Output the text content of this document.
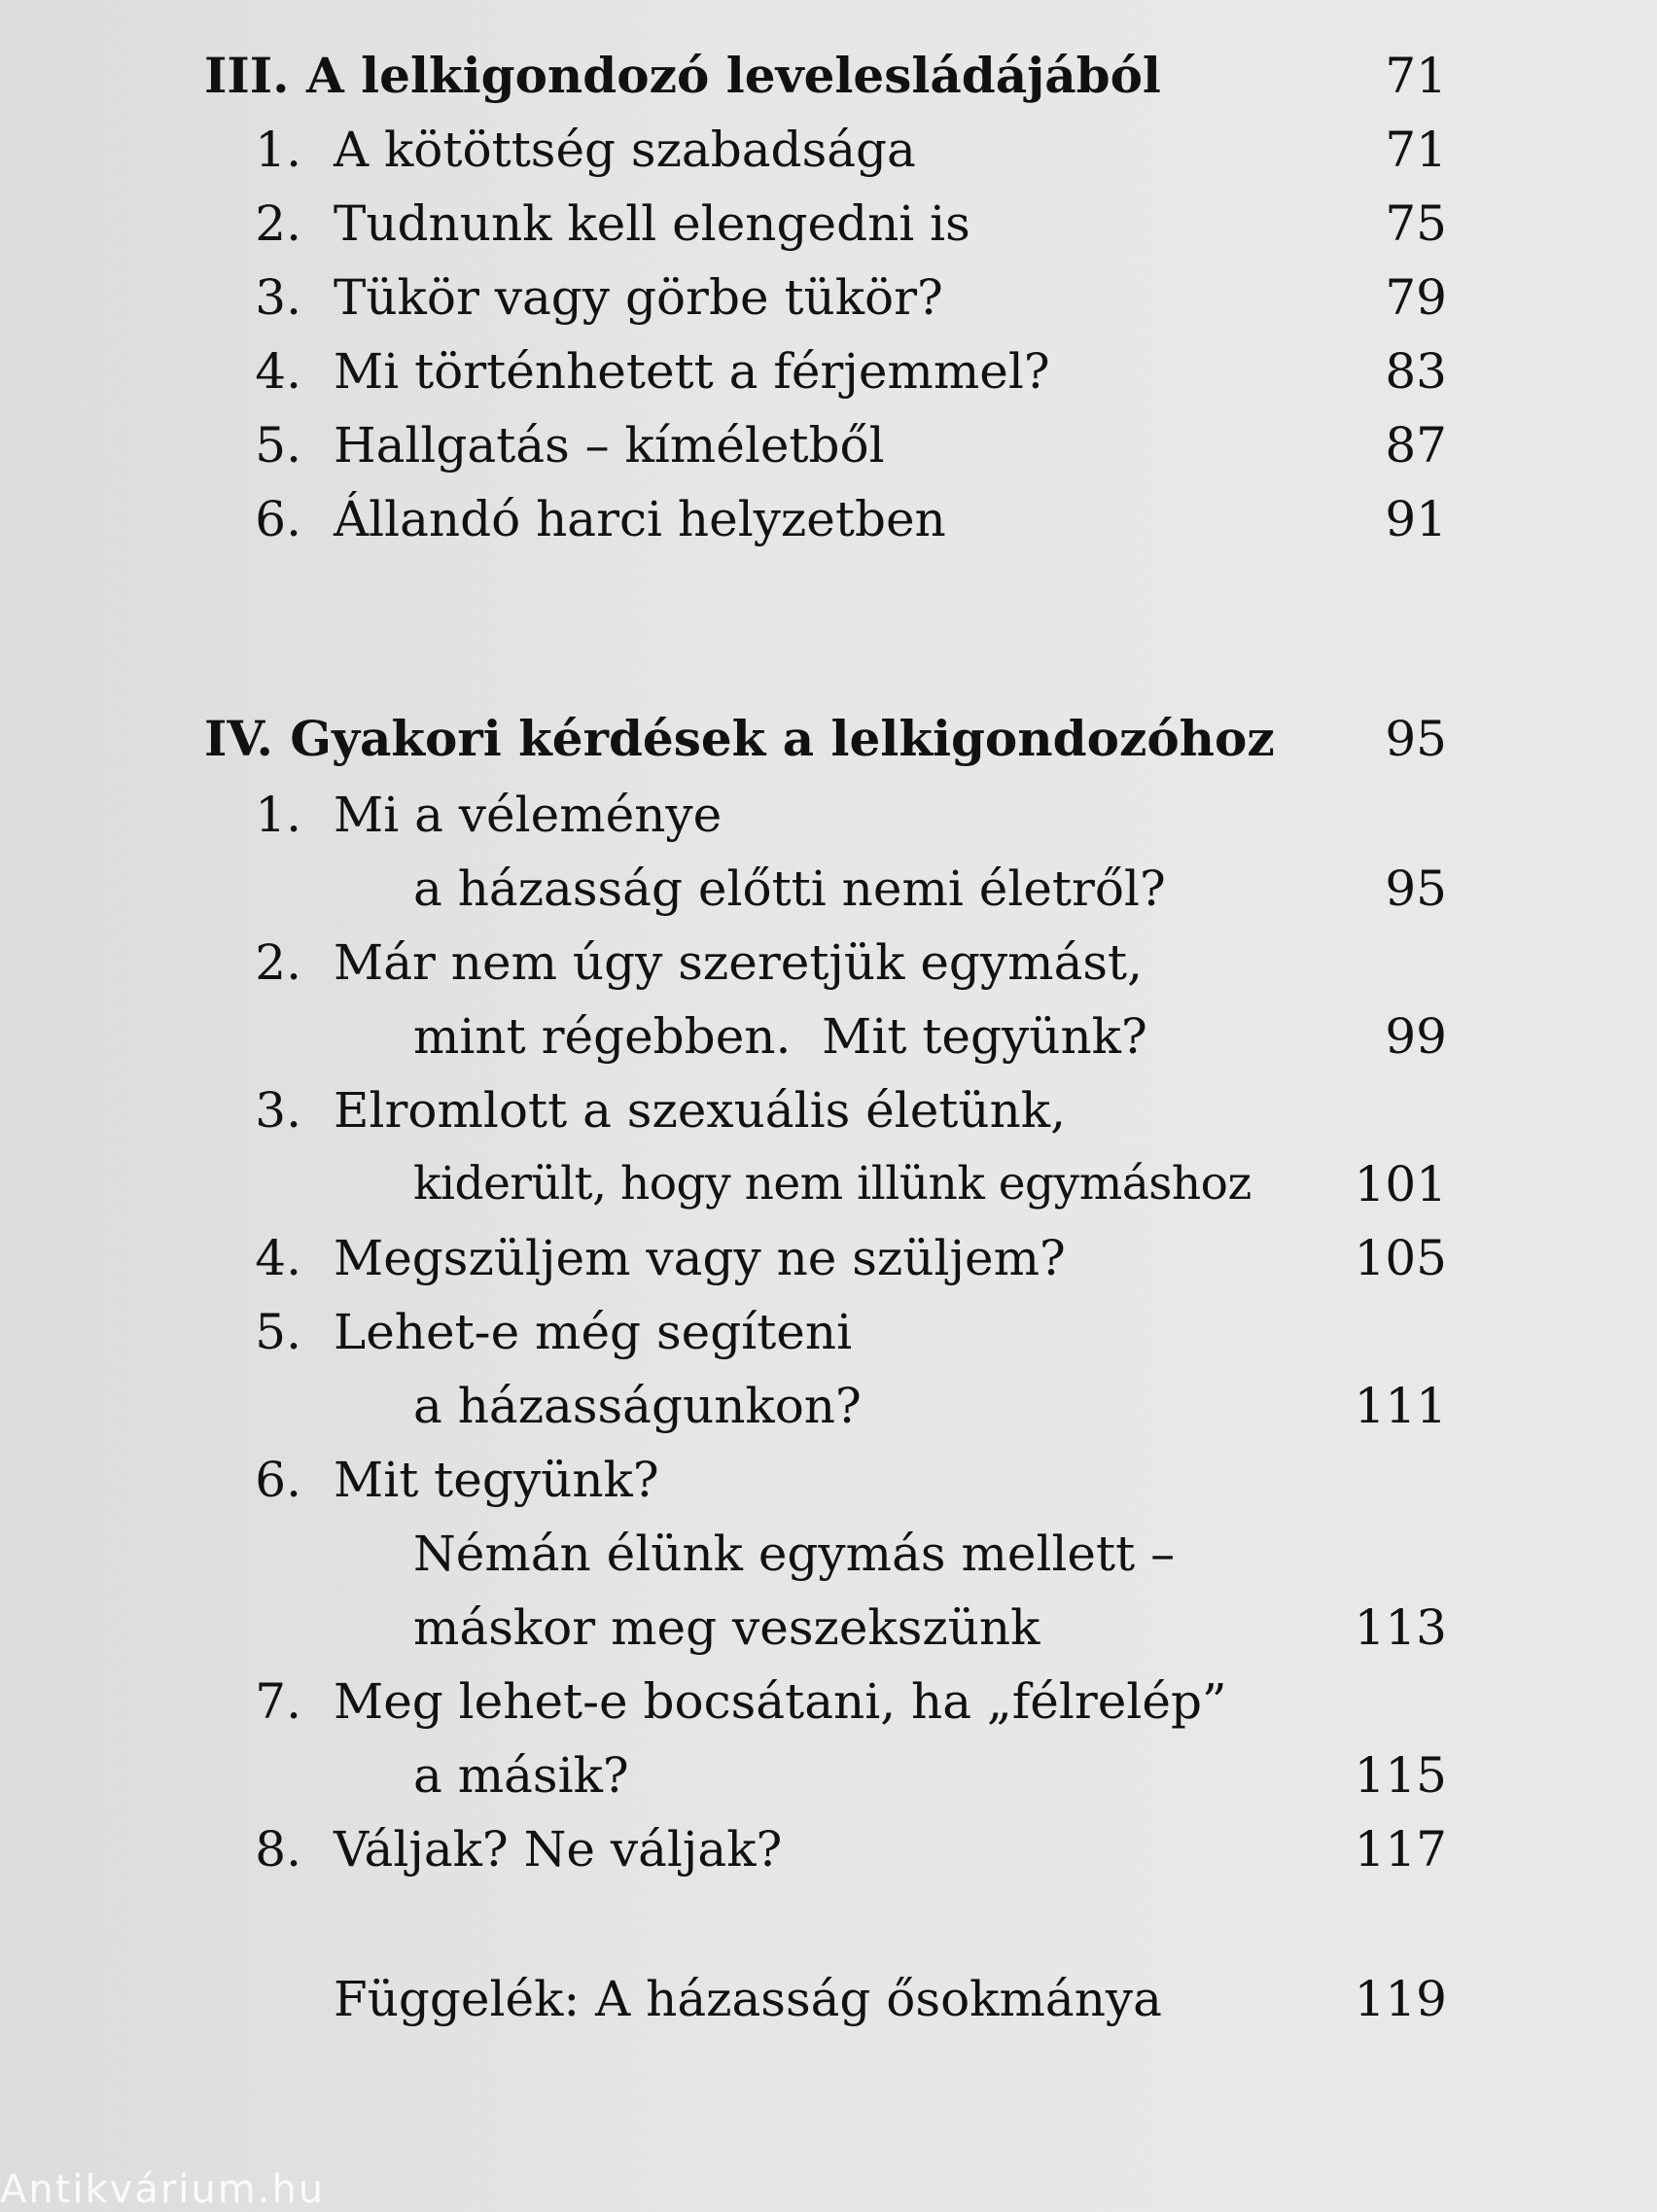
III. A lelkigondozó levelesládájából	71
1. A kötöttség szabadsága	71
2. Tudnunk kell elengedni is	75
3. Tükör vagy görbe tükör?	79
4. Mi történhetett a férjemmel?	83
5. Hallgatás – kíméletből	87
6. Állandó harci helyzetben	91
IV. Gyakori kérdések a lelkigondozóhoz 95
1. Mi a véleménye
a házasság előtti nemi életről?	95
2. Már nem úgy szeretjük egymást,
mint régebben.  Mit tegyünk?	99
3. Elromlott a szexuális életünk,
kiderült, hogy nem illünk egymáshoz 101
4. Megszüljem vagy ne szüljem?	105
5. Lehet-e még segíteni
a házasságunkon?	111
6. Mit tegyünk?
Némán élünk egymás mellett –
máskor meg veszekszünk	113
7. Meg lehet-e bocsátani, ha „félrelép”
a másik?	115
8. Váljak? Ne váljak?	117
Függelék: A házasság ősokmánya	119
Antikvárium.hu
